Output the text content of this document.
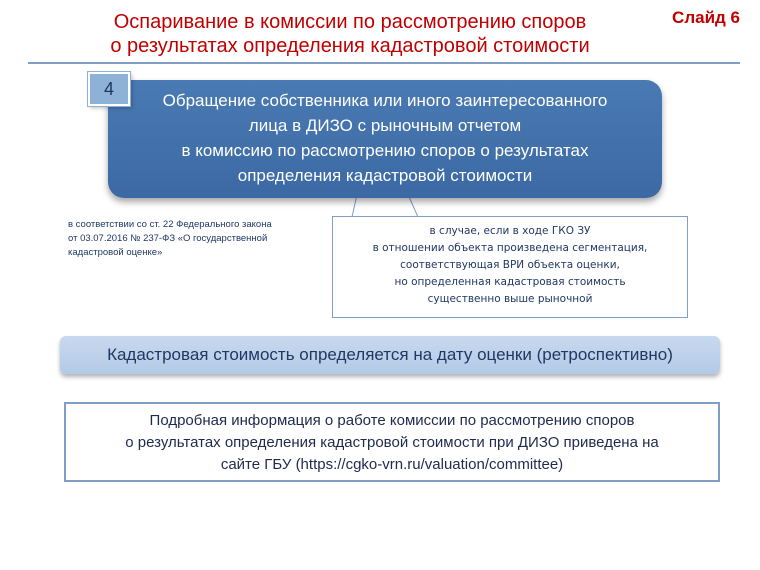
Оспаривание в комиссии по рассмотрению споров
о результатах определения кадастровой стоимости
Слайд 6
4
Обращение собственника или иного заинтересованного
лица в ДИЗО с рыночным отчетом
в комиссию по рассмотрению споров о результатах
определения кадастровой стоимости
в соответствии со ст. 22 Федерального закона
от 03.07.2016 № 237-ФЗ «О государственной
кадастровой оценке»
в случае, если в ходе ГКО ЗУ
в отношении объекта произведена сегментация,
соответствующая ВРИ объекта оценки,
но определенная кадастровая стоимость
существенно выше рыночной
Кадастровая стоимость определяется на дату оценки (ретроспективно)
Подробная информация о работе комиссии по рассмотрению споров
о результатах определения кадастровой стоимости при ДИЗО приведена на
сайте ГБУ (https://cgko-vrn.ru/valuation/committee)
